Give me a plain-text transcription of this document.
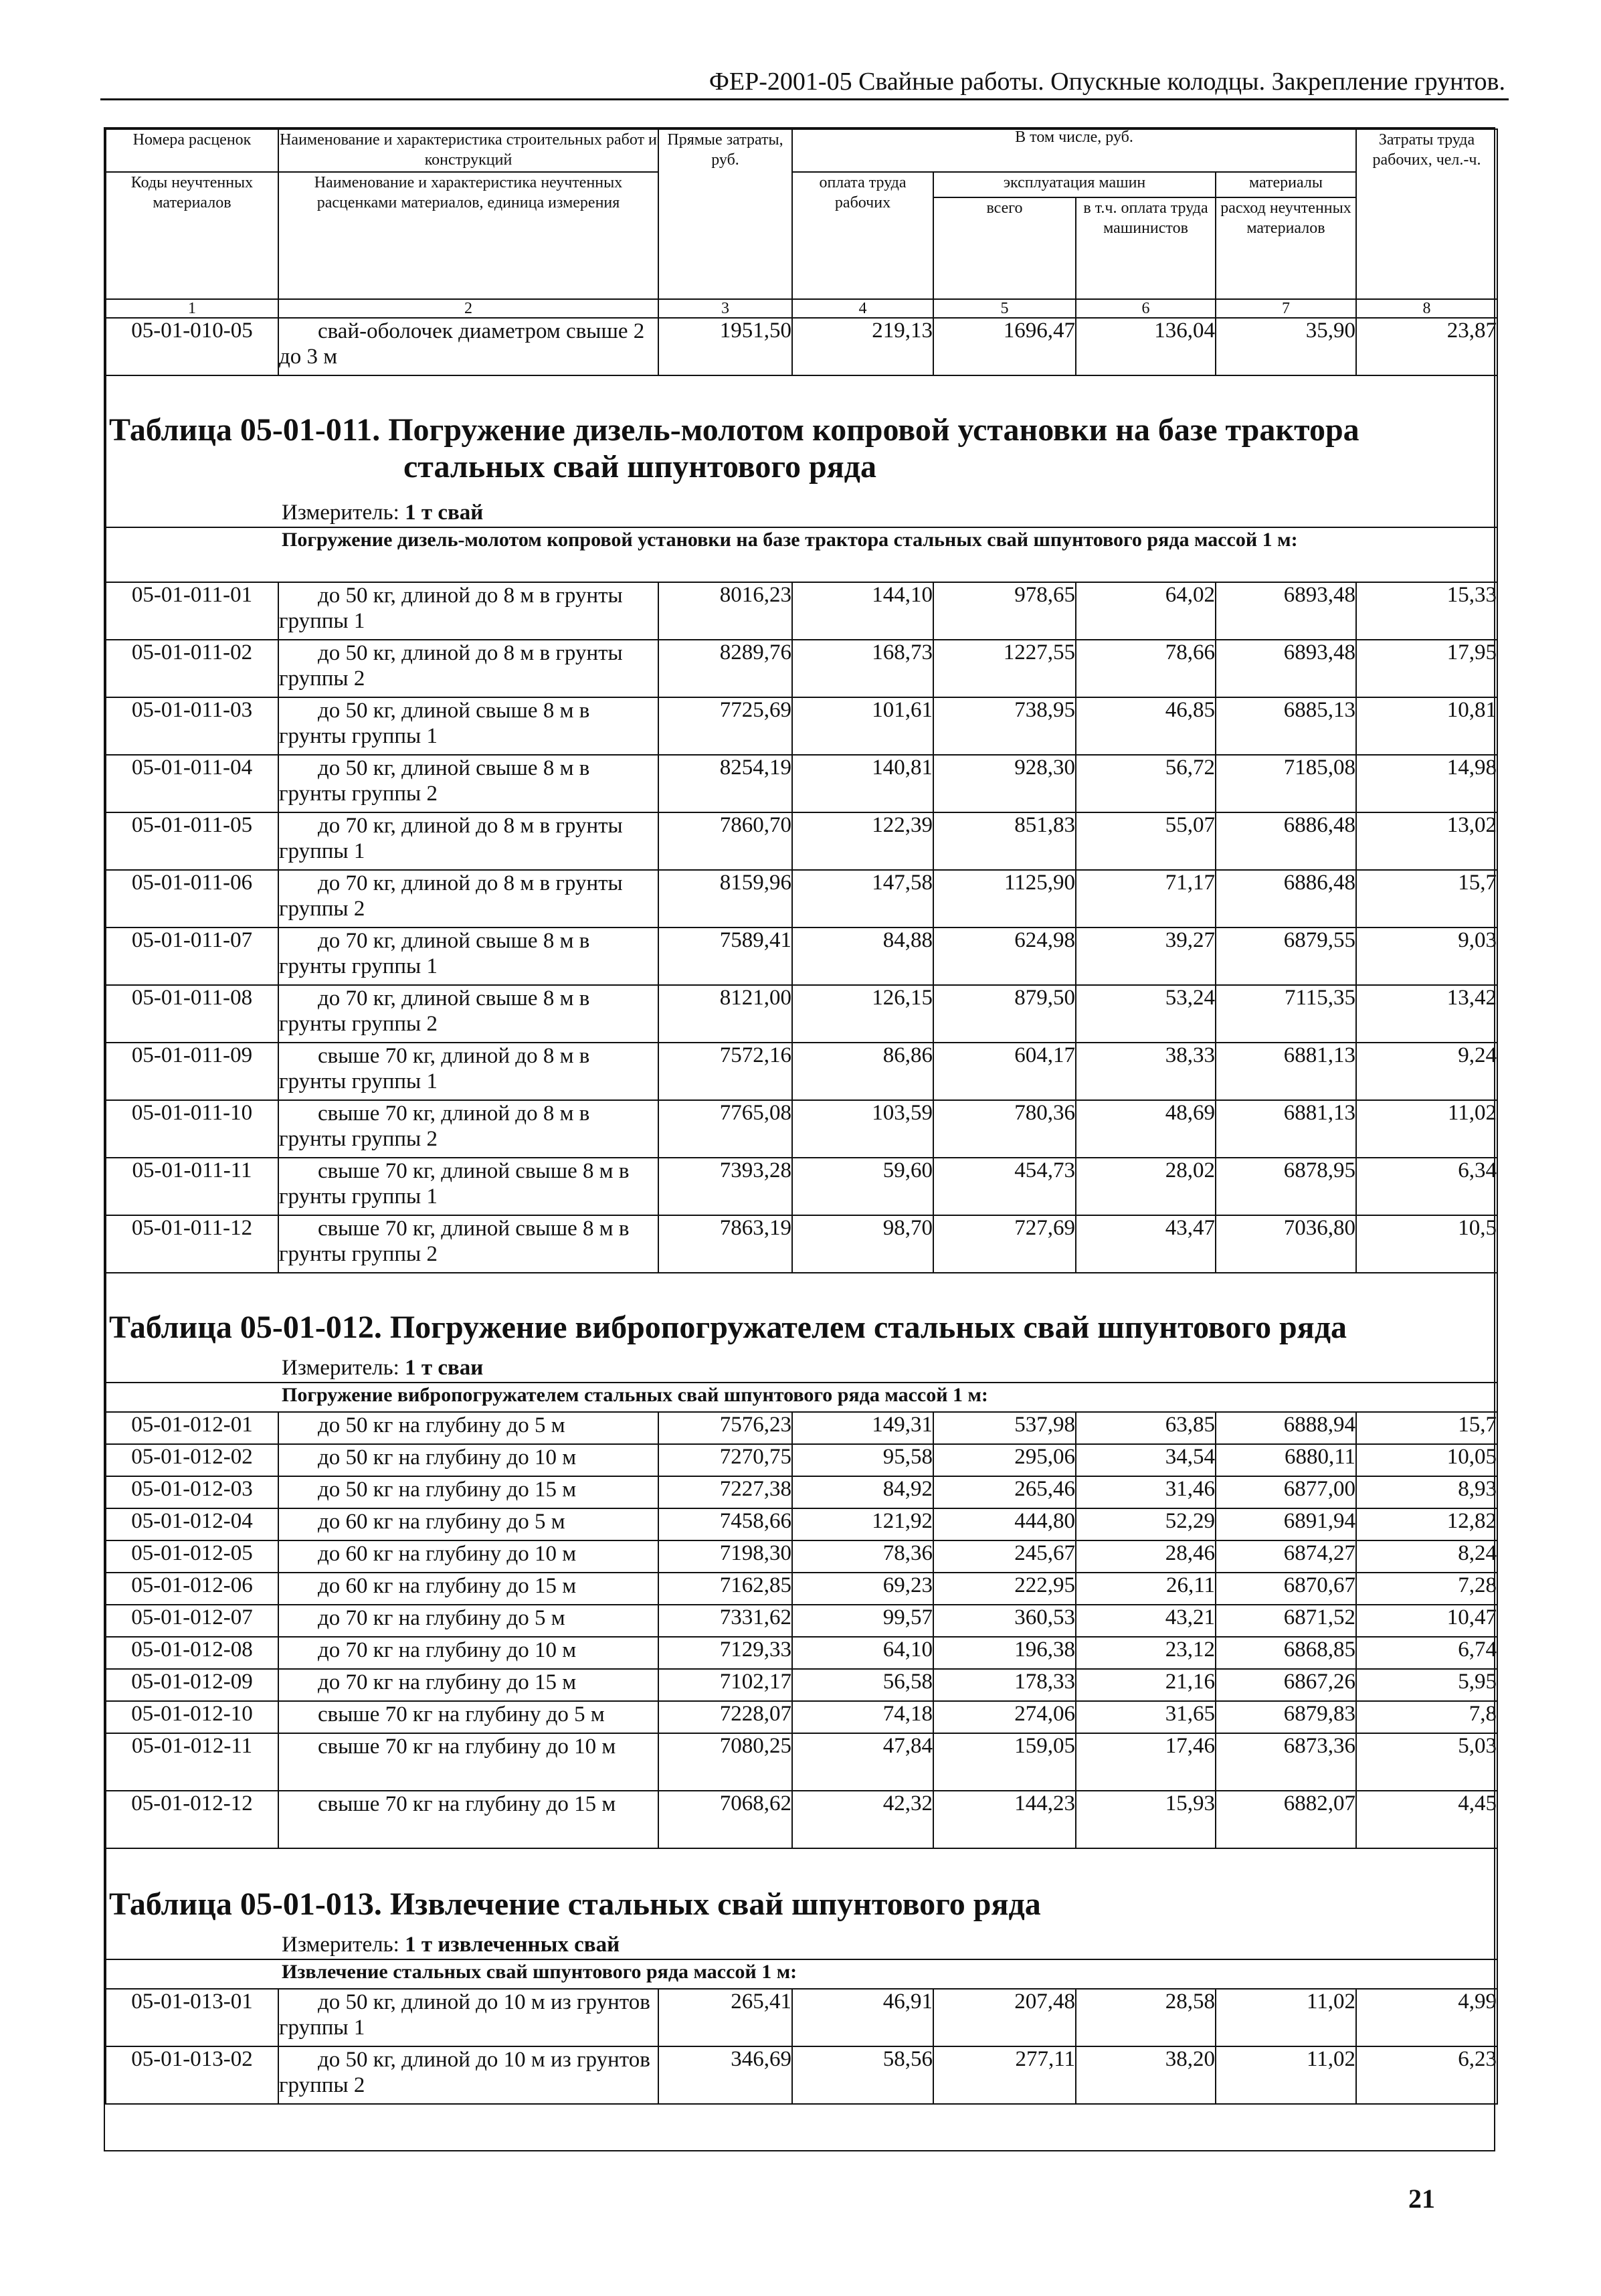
ФЕР-2001-05 Свайные работы. Опускные колодцы. Закрепление грунтов.
Номера расценок	Наименование и характеристика строительных работ и конструкций	Прямые затраты, руб.	В том числе, руб.				Затраты труда рабочих, чел.-ч.
Коды неучтенных материалов	Наименование и характеристика неучтенных расценками материалов, единица измерения		оплата труда рабочих	эксплуатация машин		материалы	
				всего	в т.ч. оплата труда машинистов	расход неучтенных материалов	
1	2	3	4	5	6	7	8
05-01-010-05	свай-оболочек диаметром свыше 2 до 3 м	1951,50	219,13	1696,47	136,04	35,90	23,87

Таблица 05-01-011. Погружение дизель-молотом копровой установки на базе трактора
стальных свай шпунтового ряда
Измеритель: 1 т свай							

Погружение дизель-молотом копровой установки на базе трактора стальных свай шпунтового ряда массой 1 м:							

05-01-011-01	до 50 кг, длиной до 8 м в грунты группы 1	8016,23	144,10	978,65	64,02	6893,48	15,33
05-01-011-02	до 50 кг, длиной до 8 м в грунты группы 2	8289,76	168,73	1227,55	78,66	6893,48	17,95
05-01-011-03	до 50 кг, длиной свыше 8 м в грунты группы 1	7725,69	101,61	738,95	46,85	6885,13	10,81
05-01-011-04	до 50 кг, длиной свыше 8 м в грунты группы 2	8254,19	140,81	928,30	56,72	7185,08	14,98
05-01-011-05	до 70 кг, длиной до 8 м в грунты группы 1	7860,70	122,39	851,83	55,07	6886,48	13,02
05-01-011-06	до 70 кг, длиной до 8 м в грунты группы 2	8159,96	147,58	1125,90	71,17	6886,48	15,7
05-01-011-07	до 70 кг, длиной свыше 8 м в грунты группы 1	7589,41	84,88	624,98	39,27	6879,55	9,03
05-01-011-08	до 70 кг, длиной свыше 8 м в грунты группы 2	8121,00	126,15	879,50	53,24	7115,35	13,42
05-01-011-09	свыше 70 кг, длиной до 8 м в грунты группы 1	7572,16	86,86	604,17	38,33	6881,13	9,24
05-01-011-10	свыше 70 кг, длиной до 8 м в грунты группы 2	7765,08	103,59	780,36	48,69	6881,13	11,02
05-01-011-11	свыше 70 кг, длиной свыше 8 м в грунты группы 1	7393,28	59,60	454,73	28,02	6878,95	6,34
05-01-011-12	свыше 70 кг, длиной свыше 8 м в грунты группы 2	7863,19	98,70	727,69	43,47	7036,80	10,5

Таблица 05-01-012. Погружение вибропогружателем стальных свай шпунтового ряда
Измеритель: 1 т сваи							

Погружение вибропогружателем стальных свай шпунтового ряда массой 1 м:							

05-01-012-01	до 50 кг на глубину до 5 м	7576,23	149,31	537,98	63,85	6888,94	15,7
05-01-012-02	до 50 кг на глубину до 10 м	7270,75	95,58	295,06	34,54	6880,11	10,05
05-01-012-03	до 50 кг на глубину до 15 м	7227,38	84,92	265,46	31,46	6877,00	8,93
05-01-012-04	до 60 кг на глубину до 5 м	7458,66	121,92	444,80	52,29	6891,94	12,82
05-01-012-05	до 60 кг на глубину до 10 м	7198,30	78,36	245,67	28,46	6874,27	8,24
05-01-012-06	до 60 кг на глубину до 15 м	7162,85	69,23	222,95	26,11	6870,67	7,28
05-01-012-07	до 70 кг на глубину до 5 м	7331,62	99,57	360,53	43,21	6871,52	10,47
05-01-012-08	до 70 кг на глубину до 10 м	7129,33	64,10	196,38	23,12	6868,85	6,74
05-01-012-09	до 70 кг на глубину до 15 м	7102,17	56,58	178,33	21,16	6867,26	5,95
05-01-012-10	свыше 70 кг на глубину до 5 м	7228,07	74,18	274,06	31,65	6879,83	7,8
05-01-012-11	свыше 70 кг на глубину до 10 м	7080,25	47,84	159,05	17,46	6873,36	5,03
05-01-012-12	свыше 70 кг на глубину до 15 м	7068,62	42,32	144,23	15,93	6882,07	4,45

Таблица 05-01-013. Извлечение стальных свай шпунтового ряда
Измеритель: 1 т извлеченных свай							

Извлечение стальных свай шпунтового ряда массой 1 м:							

05-01-013-01	до 50 кг, длиной до 10 м из грунтов группы 1	265,41	46,91	207,48	28,58	11,02	4,99
05-01-013-02	до 50 кг, длиной до 10 м из грунтов группы 2	346,69	58,56	277,11	38,20	11,02	6,23
21
